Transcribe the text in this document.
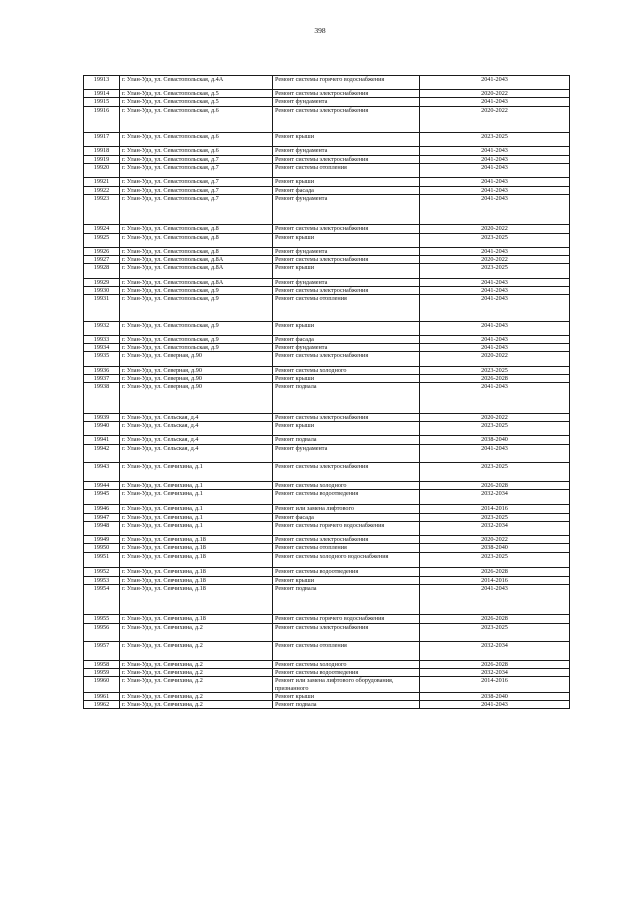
398
19913	г. Улан-Удэ, ул. Севастопольская, д.4А	Ремонт системы горячего водоснабжения	2041-2043
19914	г. Улан-Удэ, ул. Севастопольская, д.5	Ремонт системы электроснабжения	2020-2022
19915	г. Улан-Удэ, ул. Севастопольская, д.5	Ремонт фундамента	2041-2043
19916	г. Улан-Удэ, ул. Севастопольская, д.6	Ремонт системы электроснабжения	2020-2022
19917	г. Улан-Удэ, ул. Севастопольская, д.6	Ремонт крыши	2023-2025
19918	г. Улан-Удэ, ул. Севастопольская, д.6	Ремонт фундамента	2041-2043
19919	г. Улан-Удэ, ул. Севастопольская, д.7	Ремонт системы электроснабжения	2041-2043
19920	г. Улан-Удэ, ул. Севастопольская, д.7	Ремонт системы отопления	2041-2043
19921	г. Улан-Удэ, ул. Севастопольская, д.7	Ремонт крыши	2041-2043
19922	г. Улан-Удэ, ул. Севастопольская, д.7	Ремонт фасада	2041-2043
19923	г. Улан-Удэ, ул. Севастопольская, д.7	Ремонт фундамента	2041-2043
19924	г. Улан-Удэ, ул. Севастопольская, д.8	Ремонт системы электроснабжения	2020-2022
19925	г. Улан-Удэ, ул. Севастопольская, д.8	Ремонт крыши	2023-2025
19926	г. Улан-Удэ, ул. Севастопольская, д.8	Ремонт фундамента	2041-2043
19927	г. Улан-Удэ, ул. Севастопольская, д.8А	Ремонт системы электроснабжения	2020-2022
19928	г. Улан-Удэ, ул. Севастопольская, д.8А	Ремонт крыши	2023-2025
19929	г. Улан-Удэ, ул. Севастопольская, д.8А	Ремонт фундамента	2041-2043
19930	г. Улан-Удэ, ул. Севастопольская, д.9	Ремонт системы электроснабжения	2041-2043
19931	г. Улан-Удэ, ул. Севастопольская, д.9	Ремонт системы отопления	2041-2043
19932	г. Улан-Удэ, ул. Севастопольская, д.9	Ремонт крыши	2041-2043
19933	г. Улан-Удэ, ул. Севастопольская, д.9	Ремонт фасада	2041-2043
19934	г. Улан-Удэ, ул. Севастопольская, д.9	Ремонт фундамента	2041-2043
19935	г. Улан-Удэ, ул. Северная, д.90	Ремонт системы электроснабжения	2020-2022
19936	г. Улан-Удэ, ул. Северная, д.90	Ремонт системы холодного	2023-2025
19937	г. Улан-Удэ, ул. Северная, д.90	Ремонт крыши	2026-2028
19938	г. Улан-Удэ, ул. Северная, д.90	Ремонт подвала	2041-2043
19939	г. Улан-Удэ, ул. Сельская, д.4	Ремонт системы электроснабжения	2020-2022
19940	г. Улан-Удэ, ул. Сельская, д.4	Ремонт крыши	2023-2025
19941	г. Улан-Удэ, ул. Сельская, д.4	Ремонт подвала	2038-2040
19942	г. Улан-Удэ, ул. Сельская, д.4	Ремонт фундамента	2041-2043
19943	г. Улан-Удэ, ул. Севчихина, д.1	Ремонт системы электроснабжения	2023-2025
19944	г. Улан-Удэ, ул. Севчихина, д.1	Ремонт системы холодного	2026-2028
19945	г. Улан-Удэ, ул. Севчихина, д.1	Ремонт системы водоотведения	2032-2034
19946	г. Улан-Удэ, ул. Севчихина, д.1	Ремонт или замена лифтового	2014-2016
19947	г. Улан-Удэ, ул. Севчихина, д.1	Ремонт фасада	2023-2025
19948	г. Улан-Удэ, ул. Севчихина, д.1	Ремонт системы горячего водоснабжения	2032-2034
19949	г. Улан-Удэ, ул. Севчихина, д.18	Ремонт системы электроснабжения	2020-2022
19950	г. Улан-Удэ, ул. Севчихина, д.18	Ремонт системы отопления	2038-2040
19951	г. Улан-Удэ, ул. Севчихина, д.18	Ремонт системы холодного водоснабжения	2023-2025
19952	г. Улан-Удэ, ул. Севчихина, д.18	Ремонт системы водоотведения	2026-2028
19953	г. Улан-Удэ, ул. Севчихина, д.18	Ремонт крыши	2014-2016
19954	г. Улан-Удэ, ул. Севчихина, д.18	Ремонт подвала	2041-2043
19955	г. Улан-Удэ, ул. Севчихина, д.18	Ремонт системы горячего водоснабжения	2026-2028
19956	г. Улан-Удэ, ул. Севчихина, д.2	Ремонт системы электроснабжения	2023-2025
19957	г. Улан-Удэ, ул. Севчихина, д.2	Ремонт системы отопления	2032-2034
19958	г. Улан-Удэ, ул. Севчихина, д.2	Ремонт системы холодного	2026-2028
19959	г. Улан-Удэ, ул. Севчихина, д.2	Ремонт системы водоотведения	2032-2034
19960	г. Улан-Удэ, ул. Севчихина, д.2	Ремонт или замена лифтового оборудования, признанного	2014-2016
19961	г. Улан-Удэ, ул. Севчихина, д.2	Ремонт крыши	2038-2040
19962	г. Улан-Удэ, ул. Севчихина, д.2	Ремонт подвала	2041-2043
